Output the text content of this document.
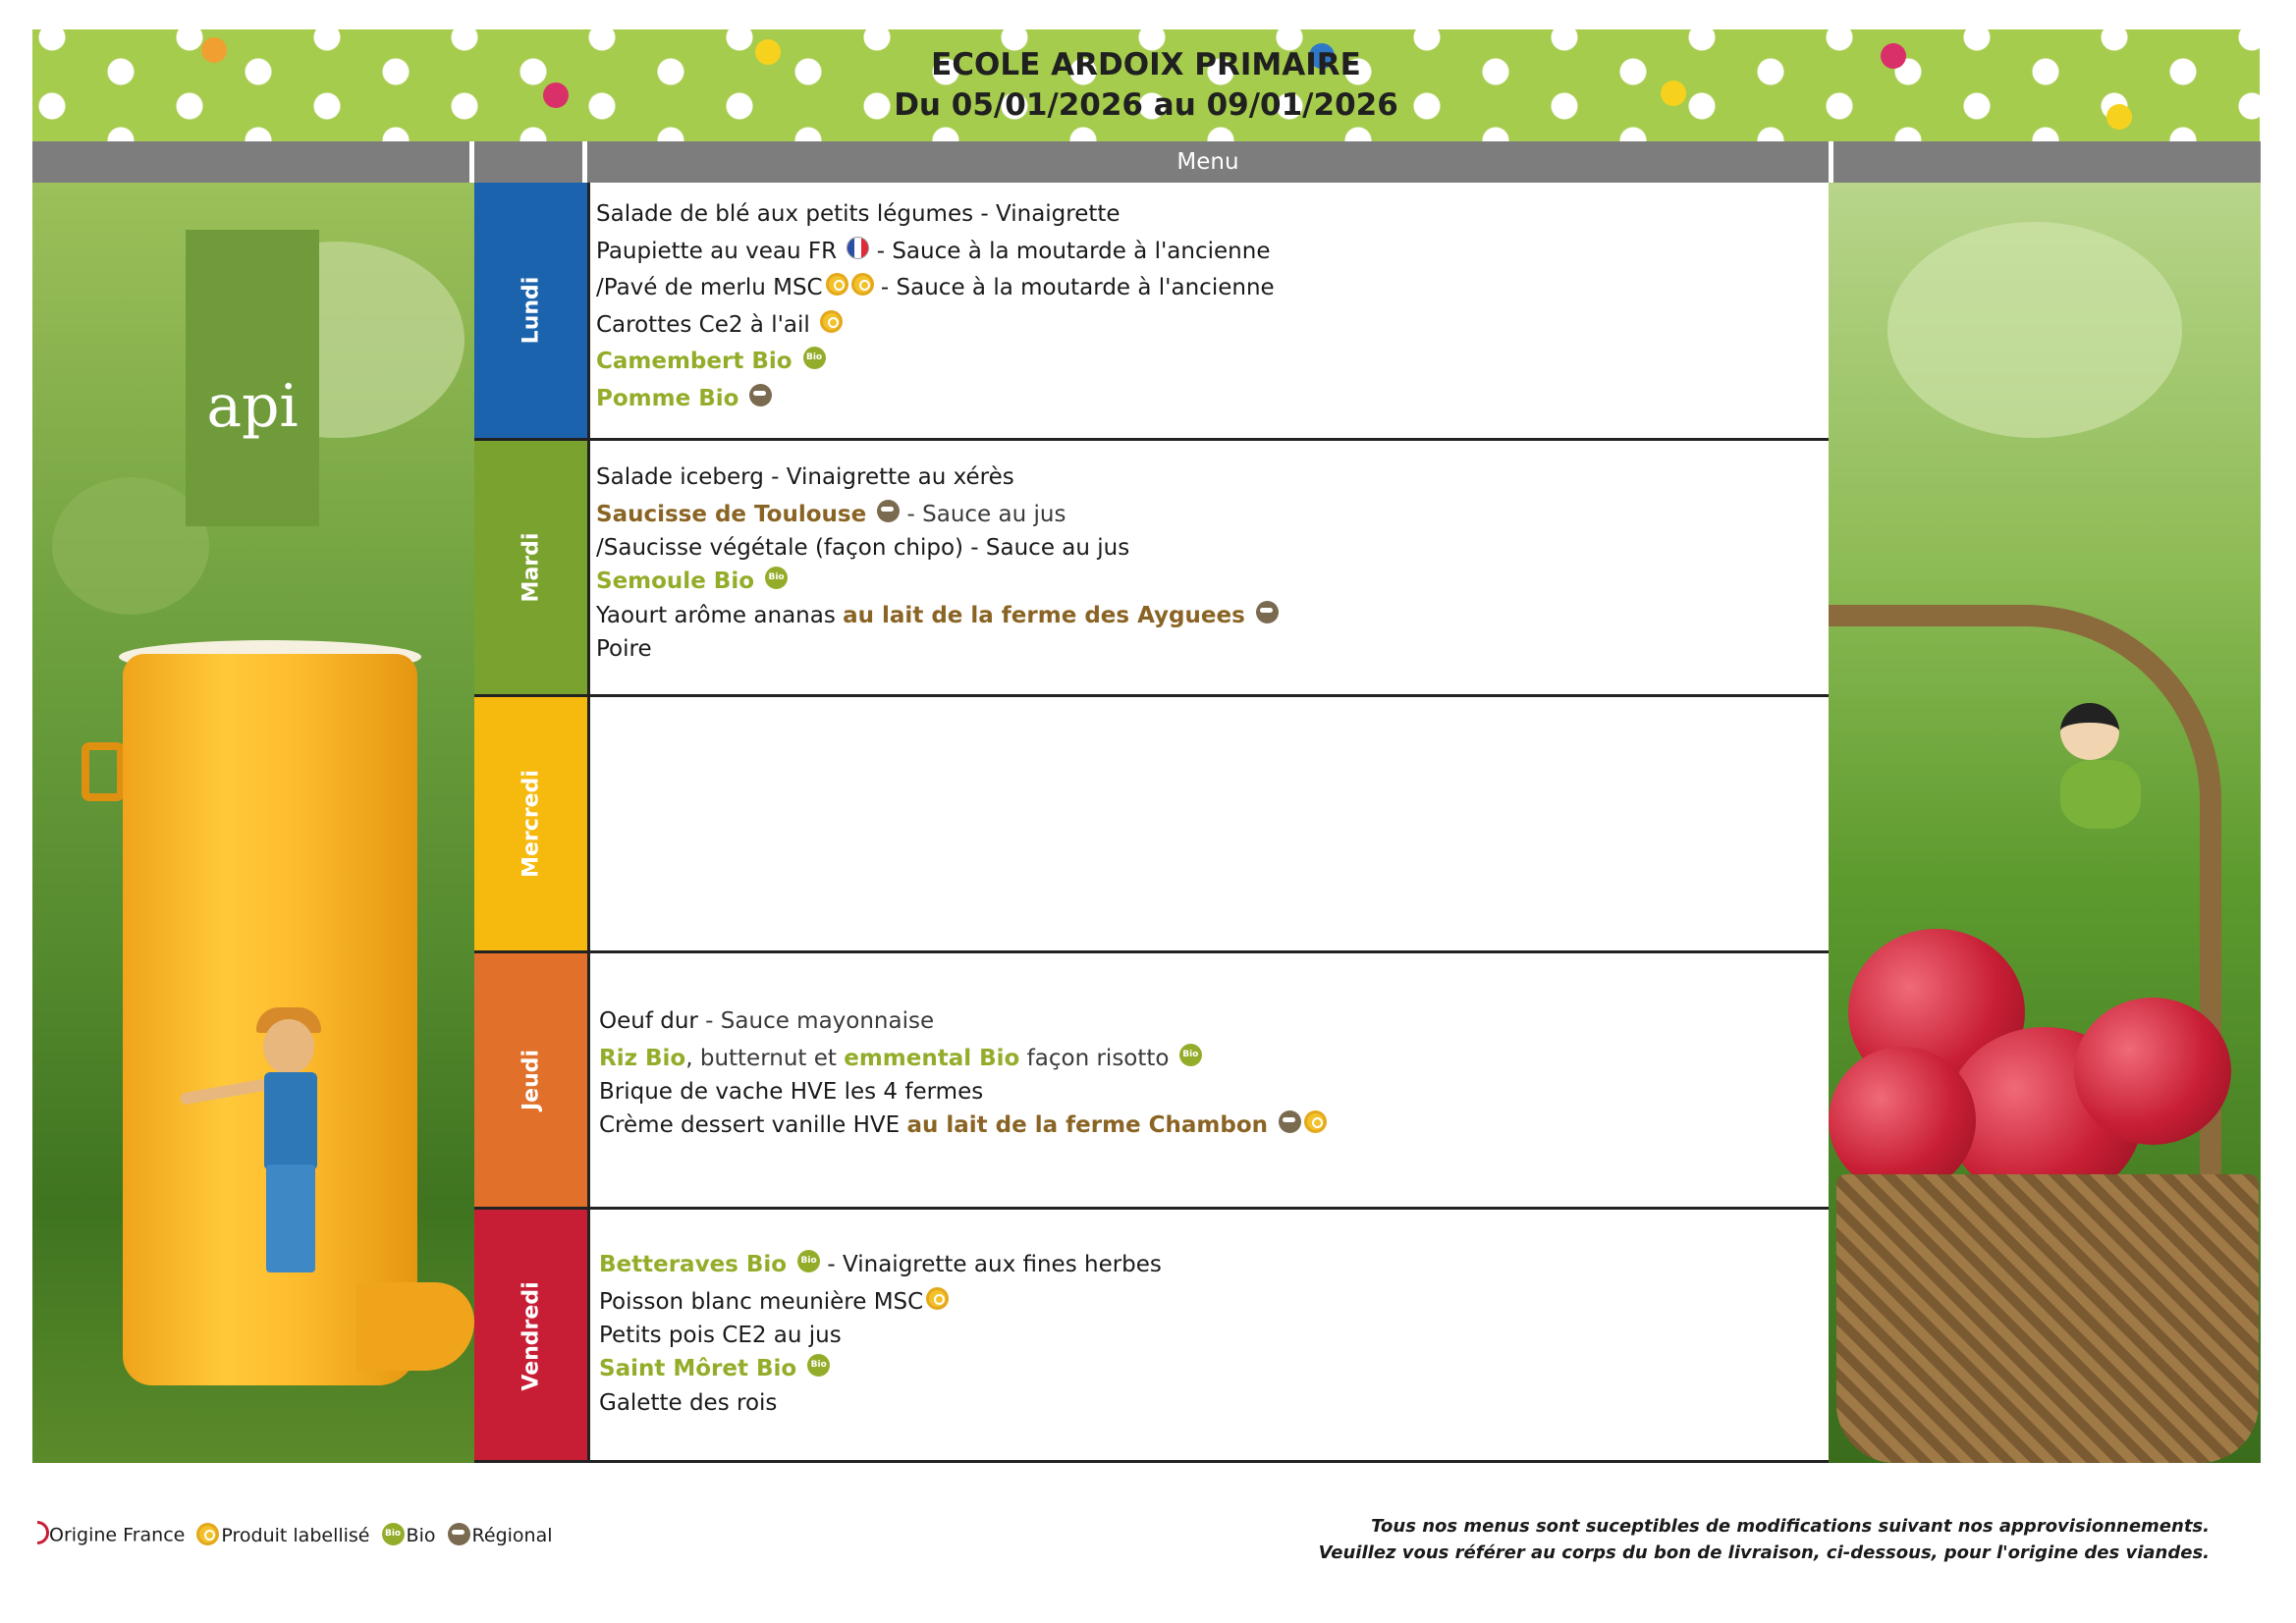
ECOLE ARDOIX PRIMAIRE
Du 05/01/2026 au 09/01/2026
Menu
api
Lundi
Mardi
Mercredi
Jeudi
Vendredi
Salade de blé aux petits légumes - Vinaigrette
Paupiette au veau FR  - Sauce à la moutarde à l'ancienne
/Pavé de merlu MSC - Sauce à la moutarde à l'ancienne
Carottes Ce2 à l'ail
Camembert Bio Bio
Pomme Bio
Salade iceberg - Vinaigrette au xérès
Saucisse de Toulouse  - Sauce au jus
/Saucisse végétale (façon chipo) - Sauce au jus
Semoule Bio Bio
Yaourt arôme ananas au lait de la ferme des Ayguees
Poire
Oeuf dur - Sauce mayonnaise
Riz Bio, butternut et emmental Bio façon risotto Bio
Brique de vache HVE les 4 fermes
Crème dessert vanille HVE au lait de la ferme Chambon
Betteraves Bio Bio - Vinaigrette aux fines herbes
Poisson blanc meunière MSC
Petits pois CE2 au jus
Saint Môret Bio Bio
Galette des rois
Origine France Produit labellisé Bio Bio Régional	Tous nos menus sont suceptibles de modifications suivant nos approvisionnements.
Veuillez vous référer au corps du bon de livraison, ci-dessous, pour l'origine des viandes.
